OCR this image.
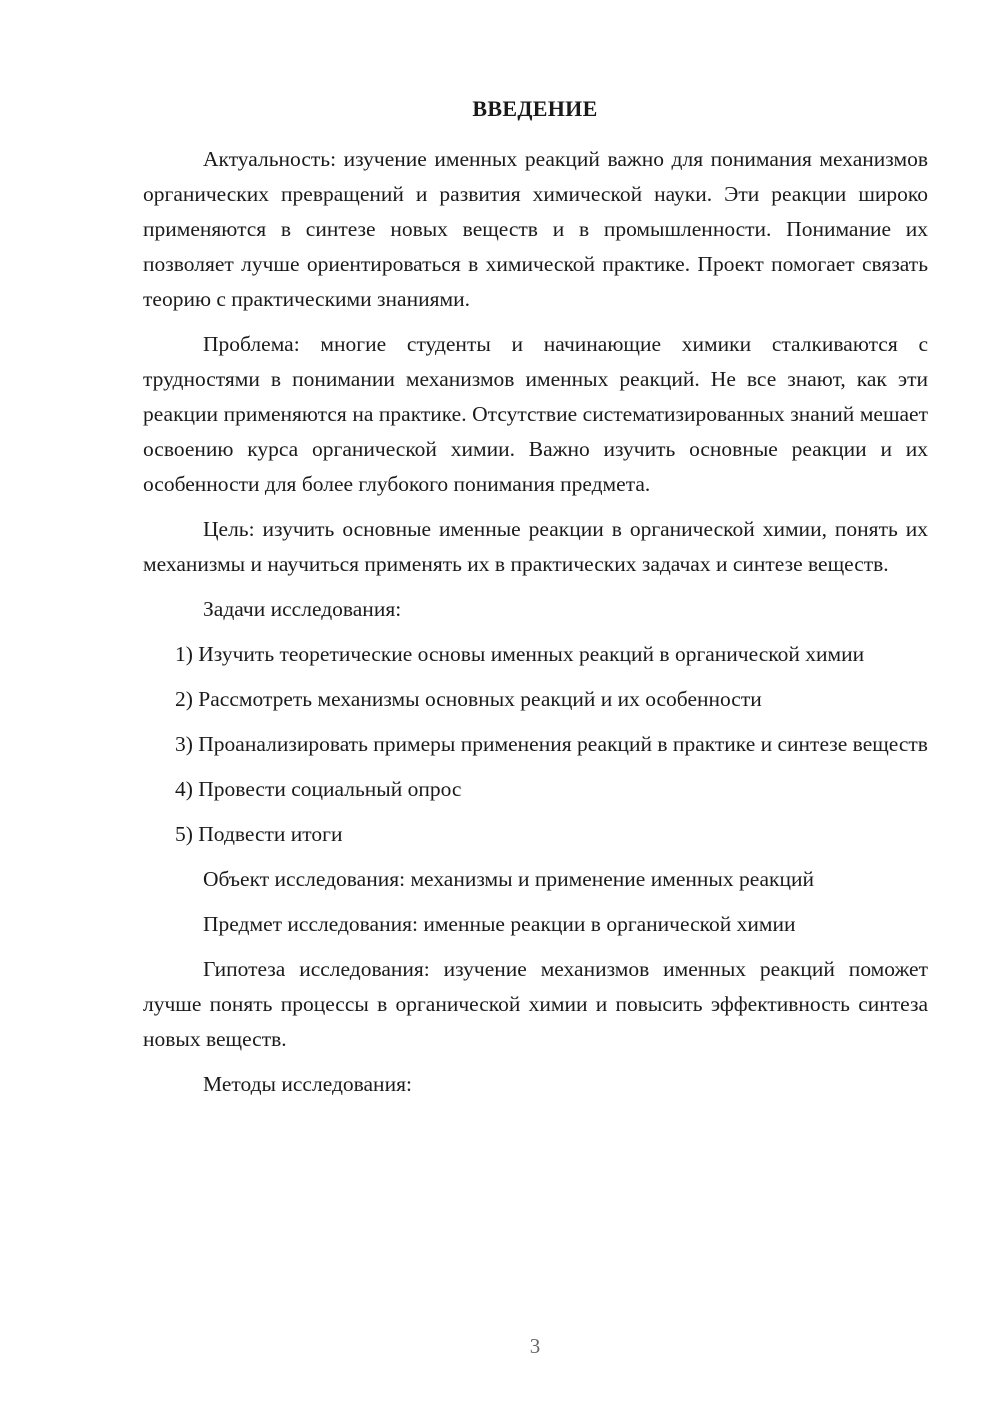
ВВЕДЕНИЕ

Актуальность: изучение именных реакций важно для понимания механизмов органических превращений и развития химической науки. Эти реакции широко применяются в синтезе новых веществ и в промышленности. Понимание их позволяет лучше ориентироваться в химической практике. Проект помогает связать теорию с практическими знаниями.

Проблема: многие студенты и начинающие химики сталкиваются с трудностями в понимании механизмов именных реакций. Не все знают, как эти реакции применяются на практике. Отсутствие систематизированных знаний мешает освоению курса органической химии. Важно изучить основные реакции и их особенности для более глубокого понимания предмета.

Цель: изучить основные именные реакции в органической химии, понять их механизмы и научиться применять их в практических задачах и синтезе веществ.

Задачи исследования:

1) Изучить теоретические основы именных реакций в органической химии

2) Рассмотреть механизмы основных реакций и их особенности

3) Проанализировать примеры применения реакций в практике и синтезе веществ

4) Провести социальный опрос

5) Подвести итоги

Объект исследования: механизмы и применение именных реакций

Предмет исследования: именные реакции в органической химии

Гипотеза исследования: изучение механизмов именных реакций поможет лучше понять процессы в органической химии и повысить эффективность синтеза новых веществ.

Методы исследования:

3
